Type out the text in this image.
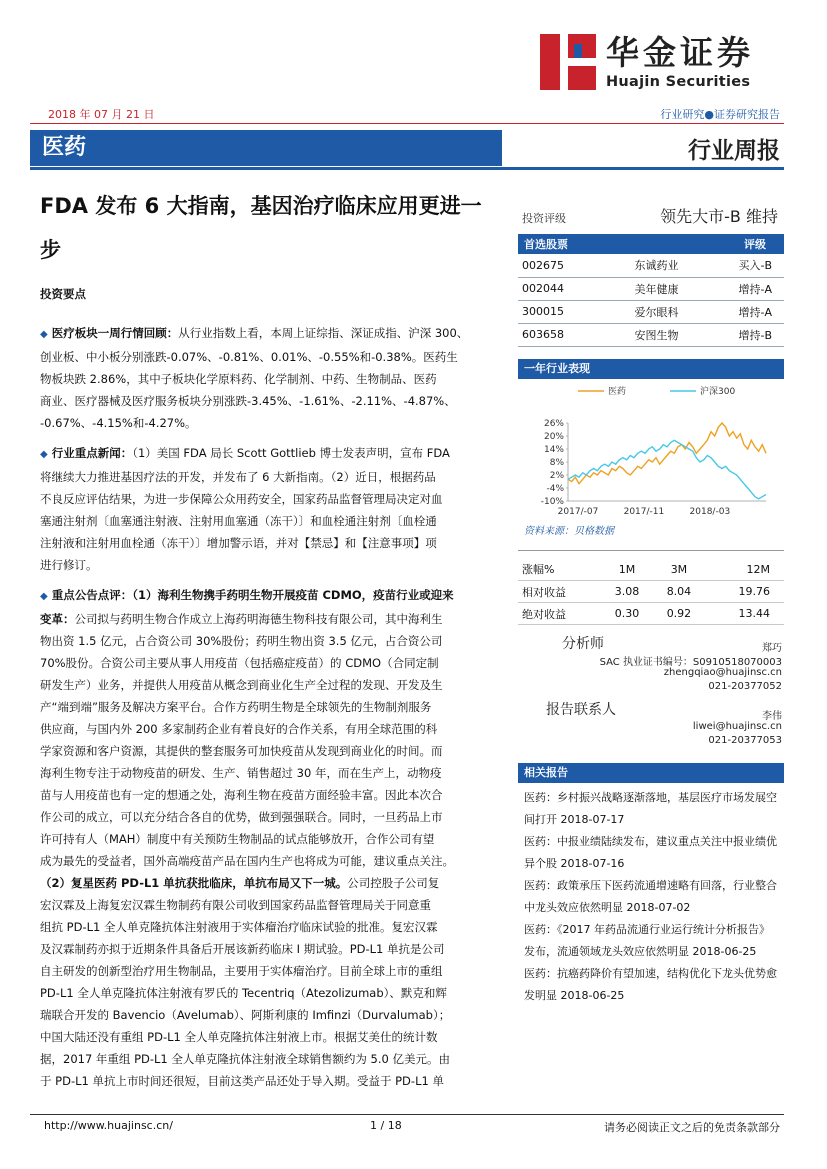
华金证券
Huajin Securities
2018 年 07 月 21 日	行业研究●证券研究报告
医药	行业周报
FDA 发布 6 大指南，基因治疗临床应用更进一
步
投资要点
◆ 医疗板块一周行情回顾：从行业指数上看，本周上证综指、深证成指、沪深 300、
创业板、中小板分别涨跌-0.07%、-0.81%、0.01%、-0.55%和-0.38%。医药生
物板块跌 2.86%，其中子板块化学原料药、化学制剂、中药、生物制品、医药
商业、医疗器械及医疗服务板块分别涨跌-3.45%、-1.61%、-2.11%、-4.87%、
-0.67%、-4.15%和-4.27%。
◆ 行业重点新闻：（1）美国 FDA 局长 Scott Gottlieb 博士发表声明，宣布 FDA
将继续大力推进基因疗法的开发，并发布了 6 大新指南。（2）近日，根据药品
不良反应评估结果，为进一步保障公众用药安全，国家药品监督管理局决定对血
塞通注射剂〔血塞通注射液、注射用血塞通（冻干）〕和血栓通注射剂〔血栓通
注射液和注射用血栓通（冻干）〕增加警示语，并对【禁忌】和【注意事项】项
进行修订。
◆ 重点公告点评：（1）海利生物携手药明生物开展疫苗 CDMO，疫苗行业或迎来
变革：公司拟与药明生物合作成立上海药明海德生物科技有限公司，其中海利生
物出资 1.5 亿元，占合资公司 30%股份；药明生物出资 3.5 亿元，占合资公司
70%股份。合资公司主要从事人用疫苗（包括癌症疫苗）的 CDMO（合同定制
研发生产）业务，并提供人用疫苗从概念到商业化生产全过程的发现、开发及生
产“端到端”服务及解决方案平台。合作方药明生物是全球领先的生物制剂服务
供应商，与国内外 200 多家制药企业有着良好的合作关系，有用全球范围的科
学家资源和客户资源，其提供的整套服务可加快疫苗从发现到商业化的时间。而
海利生物专注于动物疫苗的研发、生产、销售超过 30 年，而在生产上，动物疫
苗与人用疫苗也有一定的想通之处，海利生物在疫苗方面经验丰富。因此本次合
作公司的成立，可以充分结合各自的优势，做到强强联合。同时，一旦药品上市
许可持有人（MAH）制度中有关预防生物制品的试点能够放开，合作公司有望
成为最先的受益者，国外高端疫苗产品在国内生产也将成为可能，建议重点关注。
（2）复星医药 PD-L1 单抗获批临床，单抗布局又下一城。公司控股子公司复
宏汉霖及上海复宏汉霖生物制药有限公司收到国家药品监督管理局关于同意重
组抗 PD-L1 全人单克隆抗体注射液用于实体瘤治疗临床试验的批准。复宏汉霖
及汉霖制药亦拟于近期条件具备后开展该新药临床 I 期试验。PD-L1 单抗是公司
自主研发的创新型治疗用生物制品，主要用于实体瘤治疗。目前全球上市的重组
PD-L1 全人单克隆抗体注射液有罗氏的 Tecentriq（Atezolizumab）、默克和辉
瑞联合开发的 Bavencio（Avelumab）、阿斯利康的 Imfinzi（Durvalumab）；
中国大陆还没有重组 PD-L1 全人单克隆抗体注射液上市。根据艾美仕的统计数
据，2017 年重组 PD-L1 全人单克隆抗体注射液全球销售额约为 5.0 亿美元。由
于 PD-L1 单抗上市时间还很短，目前这类产品还处于导入期。受益于 PD-L1 单
投资评级	领先大市-B 维持
首选股票		评级
002675	东诚药业	买入-B
002044	美年健康	增持-A
300015	爱尔眼科	增持-A
603658	安图生物	增持-B
一年行业表现
26%
20%
14%
8%
2%
-4%
-10%
2017/-07	2017/-11	2018/-03
医药	沪深300
资料来源：贝格数据
涨幅%	1M	3M	12M
相对收益	3.08	8.04	19.76
绝对收益	0.30	0.92	13.44
分析师	郑巧
SAC 执业证书编号：S0910518070003
zhengqiao@huajinsc.cn
021-20377052
报告联系人	李伟
liwei@huajinsc.cn
021-20377053
相关报告
医药：乡村振兴战略逐渐落地，基层医疗市场发展空间打开 2018-07-17
医药：中报业绩陆续发布，建议重点关注中报业绩优异个股 2018-07-16
医药：政策承压下医药流通增速略有回落，行业整合中龙头效应依然明显 2018-07-02
医药：《2017 年药品流通行业运行统计分析报告》发布，流通领域龙头效应依然明显 2018-06-25
医药：抗癌药降价有望加速，结构优化下龙头优势愈发明显 2018-06-25
http://www.huajinsc.cn/	1 / 18	请务必阅读正文之后的免责条款部分
